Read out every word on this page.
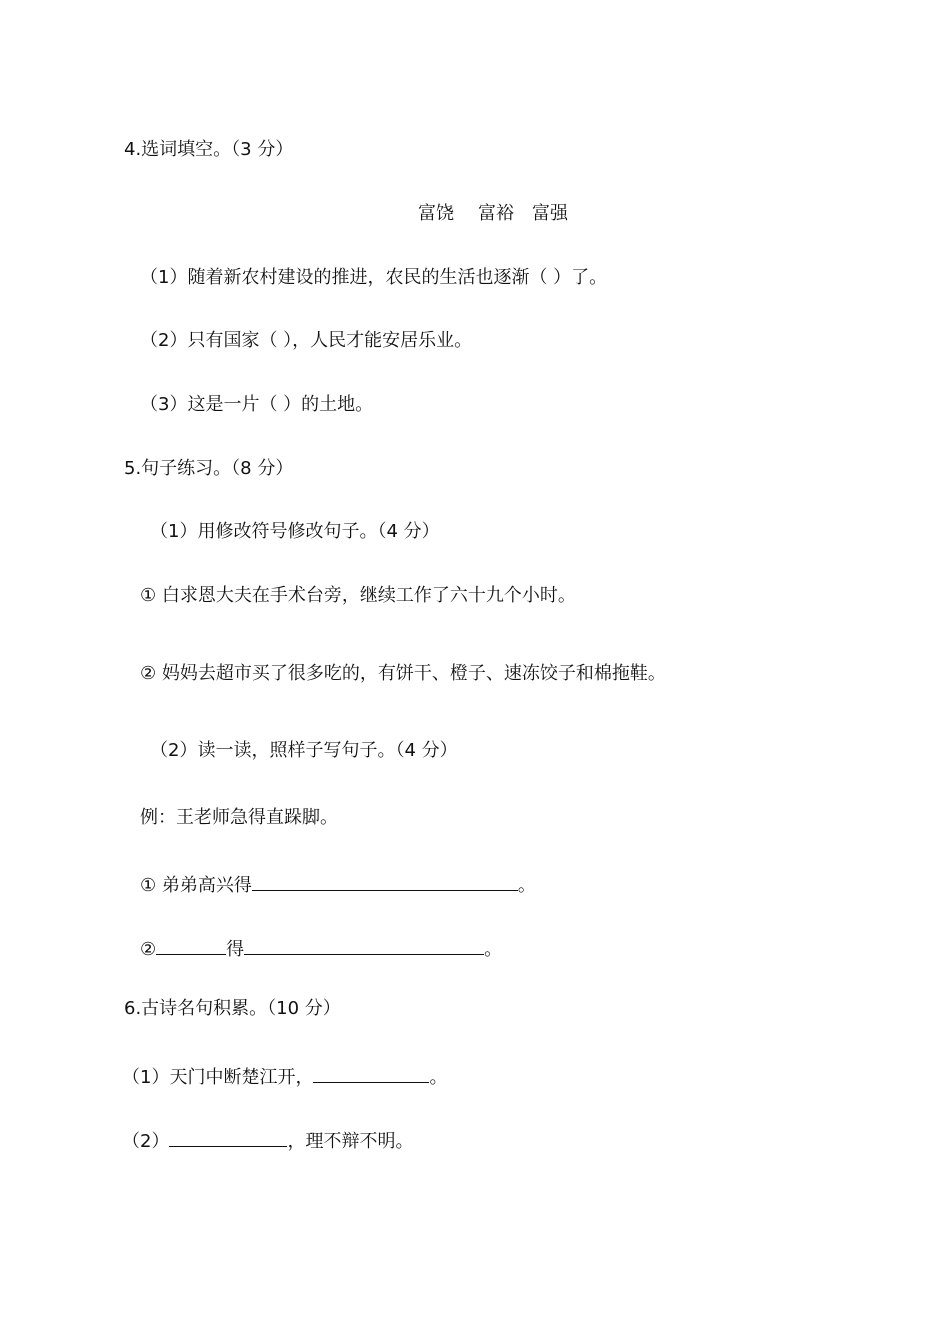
4.选词填空。（3 分）
富饶 富裕 富强
（1）随着新农村建设的推进，农民的生活也逐渐（ ）了。
（2）只有国家（ ），人民才能安居乐业。
（3）这是一片（ ）的土地。
5.句子练习。（8 分）
（1）用修改符号修改句子。（4 分）
① 白求恩大夫在手术台旁，继续工作了六十九个小时。
② 妈妈去超市买了很多吃的，有饼干、橙子、速冻饺子和棉拖鞋。
（2）读一读，照样子写句子。（4 分）
例：王老师急得直跺脚。
① 弟弟高兴得	。
②	得	。
6.古诗名句积累。（10 分）
（1）天门中断楚江开，	。
（2）	，理不辩不明。
